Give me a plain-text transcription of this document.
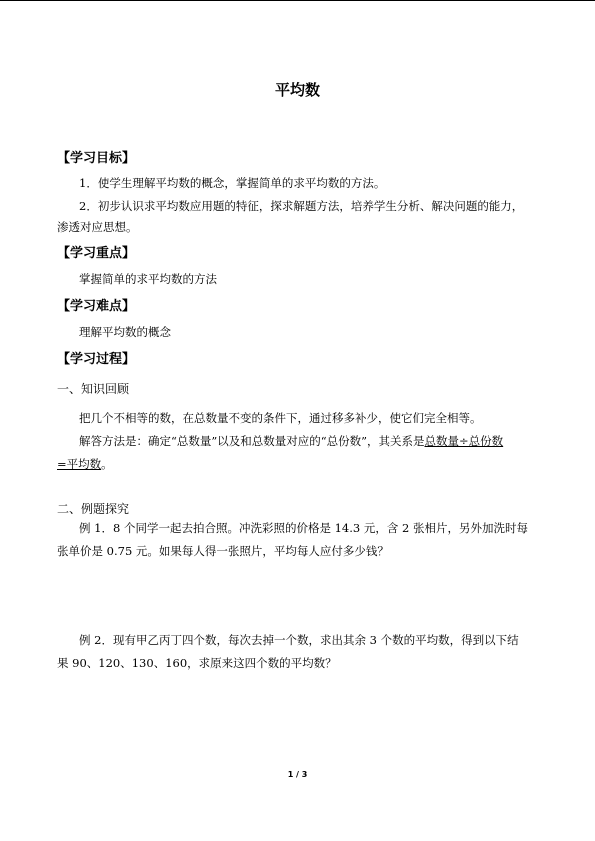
平均数
【学习目标】
1．使学生理解平均数的概念，掌握简单的求平均数的方法。
2．初步认识求平均数应用题的特征，探求解题方法，培养学生分析、解决问题的能力，
渗透对应思想。
【学习重点】
掌握简单的求平均数的方法
【学习难点】
理解平均数的概念
【学习过程】
一、知识回顾
把几个不相等的数，在总数量不变的条件下，通过移多补少，使它们完全相等。
解答方法是：确定“总数量”以及和总数量对应的“总份数”，其关系是总数量÷总份数
=平均数。
二、例题探究
例 1．8 个同学一起去拍合照。冲洗彩照的价格是 14.3 元，含 2 张相片，另外加洗时每
张单价是 0.75 元。如果每人得一张照片，平均每人应付多少钱？
例 2．现有甲乙丙丁四个数，每次去掉一个数，求出其余 3 个数的平均数，得到以下结
果 90、120、130、160，求原来这四个数的平均数？
1 / 3
